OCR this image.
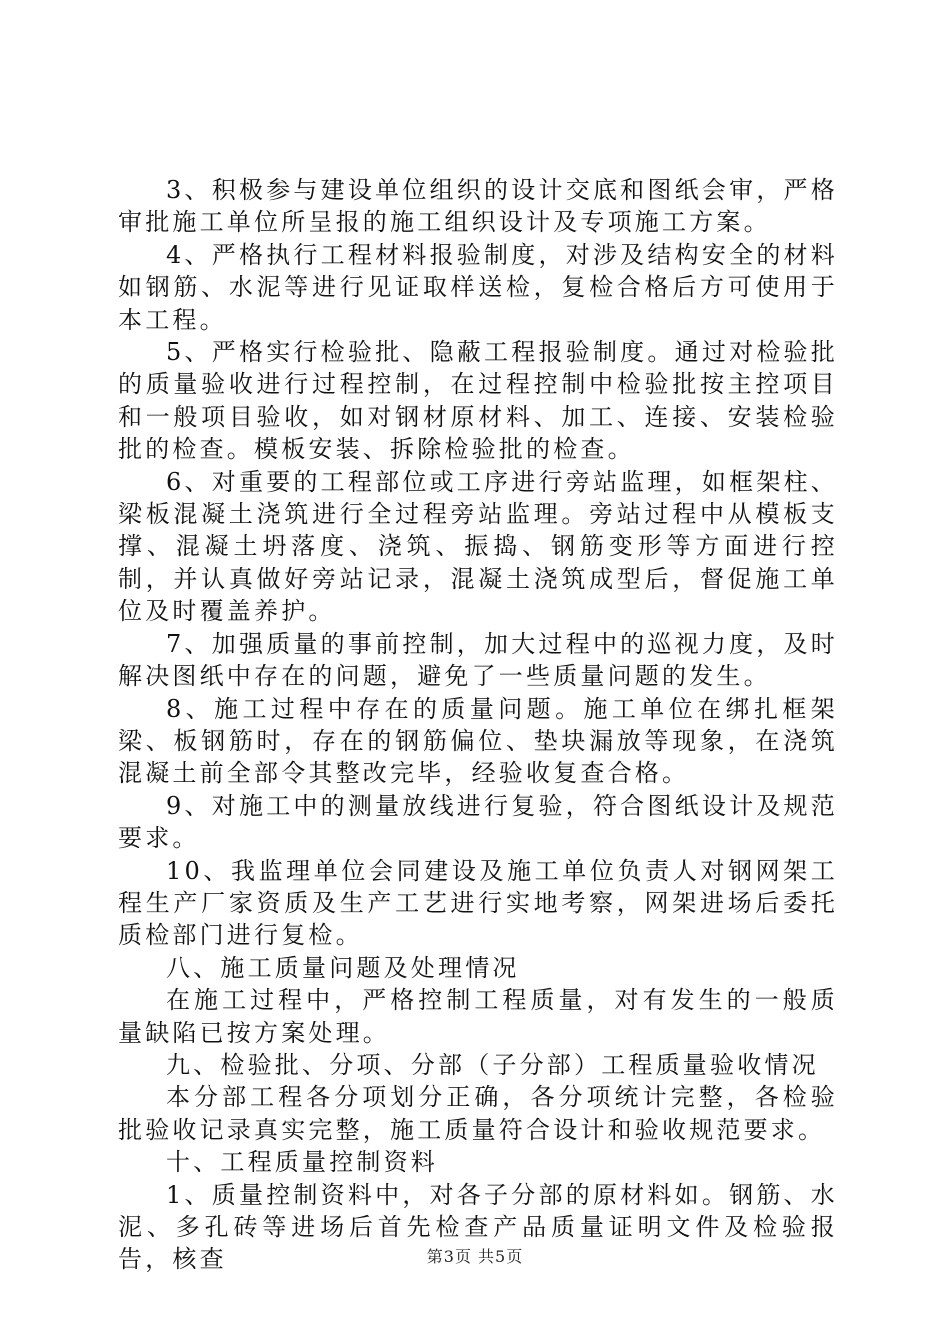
3、积极参与建设单位组织的设计交底和图纸会审，严格审批施工单位所呈报的施工组织设计及专项施工方案。

4、严格执行工程材料报验制度，对涉及结构安全的材料如钢筋、水泥等进行见证取样送检，复检合格后方可使用于本工程。

5、严格实行检验批、隐蔽工程报验制度。通过对检验批的质量验收进行过程控制，在过程控制中检验批按主控项目和一般项目验收，如对钢材原材料、加工、连接、安装检验批的检查。模板安装、拆除检验批的检查。

6、对重要的工程部位或工序进行旁站监理，如框架柱、梁板混凝土浇筑进行全过程旁站监理。旁站过程中从模板支撑、混凝土坍落度、浇筑、振捣、钢筋变形等方面进行控制，并认真做好旁站记录，混凝土浇筑成型后，督促施工单位及时覆盖养护。

7、加强质量的事前控制，加大过程中的巡视力度，及时解决图纸中存在的问题，避免了一些质量问题的发生。

8、施工过程中存在的质量问题。施工单位在绑扎框架梁、板钢筋时，存在的钢筋偏位、垫块漏放等现象，在浇筑混凝土前全部令其整改完毕，经验收复查合格。

9、对施工中的测量放线进行复验，符合图纸设计及规范要求。

10、我监理单位会同建设及施工单位负责人对钢网架工程生产厂家资质及生产工艺进行实地考察，网架进场后委托质检部门进行复检。

八、施工质量问题及处理情况

在施工过程中，严格控制工程质量，对有发生的一般质量缺陷已按方案处理。

九、检验批、分项、分部（子分部）工程质量验收情况

本分部工程各分项划分正确，各分项统计完整，各检验批验收记录真实完整，施工质量符合设计和验收规范要求。

十、工程质量控制资料

1、质量控制资料中，对各子分部的原材料如。钢筋、水泥、多孔砖等进场后首先检查产品质量证明文件及检验报告，核查	第3页 共5页
